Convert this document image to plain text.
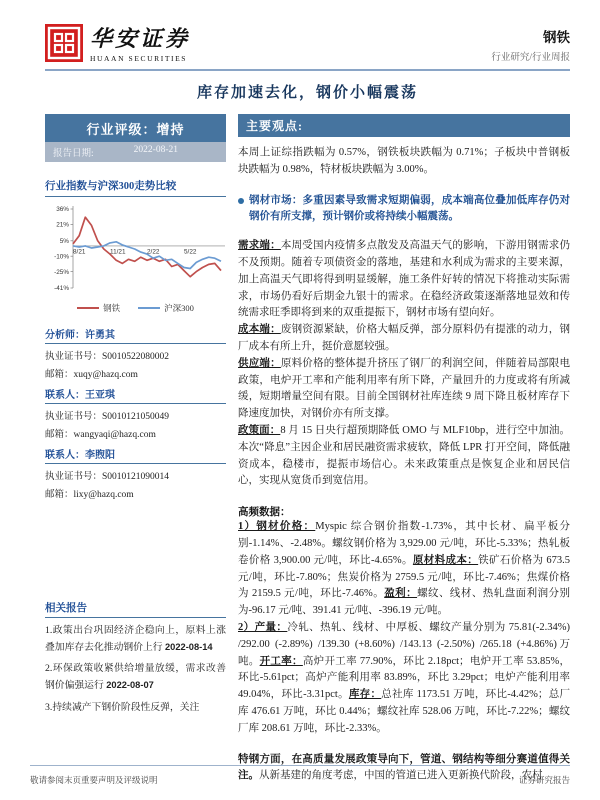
华安证券
HUAAN SECURITIES
钢铁
行业研究/行业周报
库存加速去化，钢价小幅震荡
行业评级：增持
报告日期:	2022-08-21
行业指数与沪深300走势比较
36%
21%
5%
-10%
-25%
-41%
8/21	11/21	2/22	5/22
钢铁	沪深300
分析师：许勇其
执业证书号：S0010522080002
邮箱：xuqy@hazq.com
联系人：王亚琪
执业证书号：S0010121050049
邮箱：wangyaqi@hazq.com
联系人：李煦阳
执业证书号：S0010121090014
邮箱：lixy@hazq.com
相关报告
1.政策出台巩固经济企稳向上，原料上涨叠加库存去化推动钢价上行 2022-08-14
2.环保政策收紧供给增量放缓，需求改善钢价偏强运行 2022-08-07
3.持续减产下钢价阶段性反弹，关注
主要观点:

本周上证综指跌幅为 0.57%，钢铁板块跌幅为 0.71%；子板块中普钢板块跌幅为 0.98%，特材板块跌幅为 3.00%。

钢材市场：多重因素导致需求短期偏弱，成本端高位叠加低库存仍对钢价有所支撑，预计钢价或将持续小幅震荡。

需求端：本周受国内疫情多点散发及高温天气的影响，下游用钢需求仍不及预期。随着专项债资金的落地，基建和水利成为需求的主要来源，加上高温天气即将得到明显缓解，施工条件好转的情况下将推动实际需求，市场仍看好后期金九银十的需求。在稳经济政策逐渐落地显效和传统需求旺季即将到来的双重提振下，钢材市场有望向好。

成本端：废钢资源紧缺，价格大幅反弹，部分原料仍有提涨的动力，钢厂成本有所上升，挺价意愿较强。

供应端：原料价格的整体提升挤压了钢厂的利润空间，伴随着局部限电政策，电炉开工率和产能利用率有所下降，产量回升的力度或将有所减缓，短期增量空间有限。目前全国钢材社库连续 9 周下降且板材库存下降速度加快，对钢价亦有所支撑。

政策面：8 月 15 日央行超预期降低 OMO 与 MLF10bp，进行空中加油。本次“降息”主因企业和居民融资需求疲软，降低 LPR 打开空间，降低融资成本，稳楼市，提振市场信心。未来政策重点是恢复企业和居民信心，实现从宽货币到宽信用。

高频数据：

1）钢材价格：Myspic 综合钢价指数-1.73%，其中长材、扁平板分别-1.14%、-2.48%。螺纹钢价格为 3,929.00 元/吨，环比-5.33%；热轧板卷价格 3,900.00 元/吨，环比-4.65%。原材料成本：铁矿石价格为 673.5 元/吨，环比-7.80%；焦炭价格为 2759.5 元/吨，环比-7.46%；焦煤价格为 2159.5 元/吨，环比-7.46%。盈利：螺纹、线材、热轧盘面利润分别为-96.17 元/吨、391.41 元/吨、-396.19 元/吨。

2）产量：冷轧、热轧、线材、中厚板、螺纹产量分别为 75.81(-2.34%) /292.00 (-2.89%) /139.30 (+8.60%) /143.13 (-2.50%) /265.18 (+4.86%)万吨。开工率：高炉开工率 77.90%，环比 2.18pct；电炉开工率 53.85%，环比-5.61pct；高炉产能利用率 83.89%，环比 3.29pct；电炉产能利用率 49.04%，环比-3.31pct。库存：总社库 1173.51 万吨，环比-4.42%；总厂库 476.61 万吨，环比 0.44%；螺纹社库 528.06 万吨，环比-7.22%；螺纹厂库 208.61 万吨，环比-2.33%。

特钢方面，在高质量发展政策导向下，管道、钢结构等细分赛道值得关注。从新基建的角度考虑，中国的管道已进入更新换代阶段，农村

敬请参阅末页重要声明及评级说明	证券研究报告
